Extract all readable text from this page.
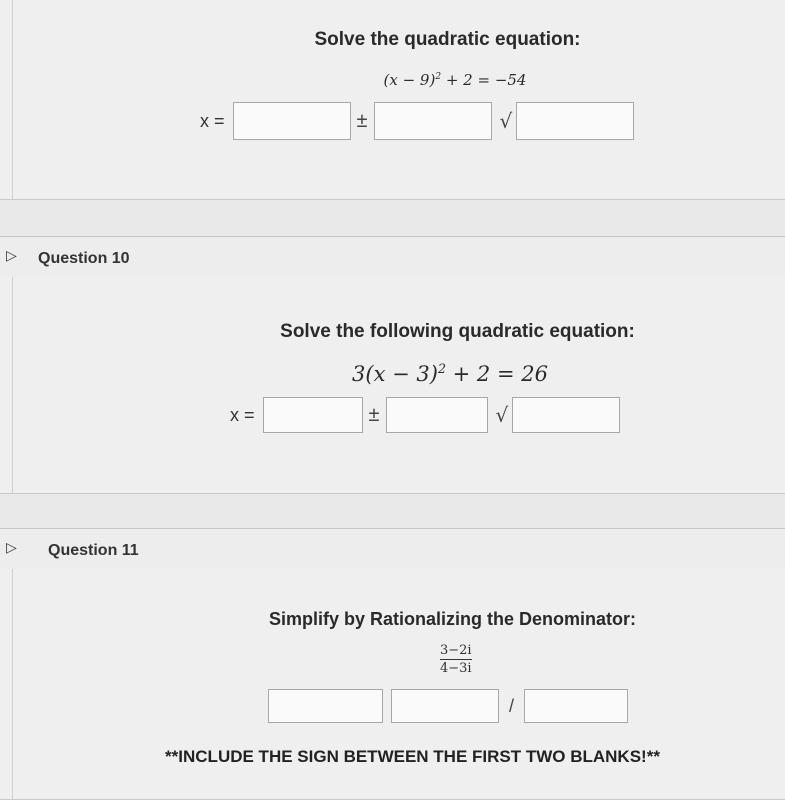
Solve the quadratic equation:
$(x - 9)^2 + 2 = -54$
x =	±	√
▷ Question 10
Solve the following quadratic equation:
$3(x - 3)^2 + 2 = 26$
x =	±	√
▷ Question 11
Simplify by Rationalizing the Denominator:
3−2i
4−3i
/
**INCLUDE THE SIGN BETWEEN THE FIRST TWO BLANKS!**
